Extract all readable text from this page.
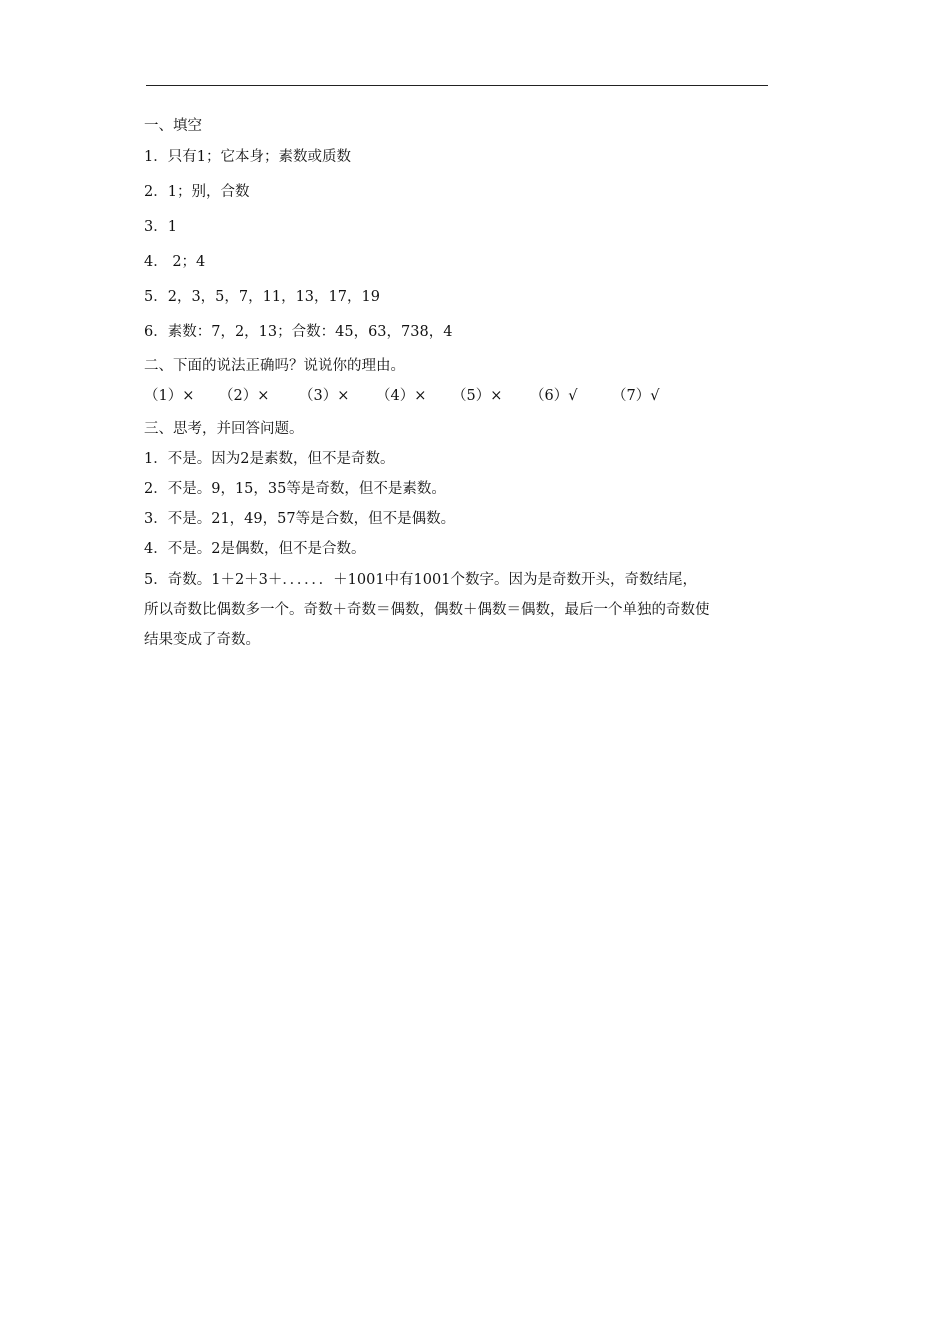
一、填空
1．只有1；它本身；素数或质数
2．1；别，合数
3．1
4． 2；4
5．2，3，5，7，11，13，17，19
6．素数：7，2，13；合数：45，63，738，4
二、下面的说法正确吗？说说你的理由。
（1）× （2）× （3）× （4）× （5）× （6）√ （7）√
三、思考，并回答问题。
1．不是。因为2是素数，但不是奇数。
2．不是。9，15，35等是奇数，但不是素数。
3．不是。21，49，57等是合数，但不是偶数。
4．不是。2是偶数，但不是合数。
5．奇数。1＋2＋3＋．．．．．．＋1001中有1001个数字。因为是奇数开头，奇数结尾，
所以奇数比偶数多一个。奇数＋奇数＝偶数，偶数＋偶数＝偶数，最后一个单独的奇数使
结果变成了奇数。
